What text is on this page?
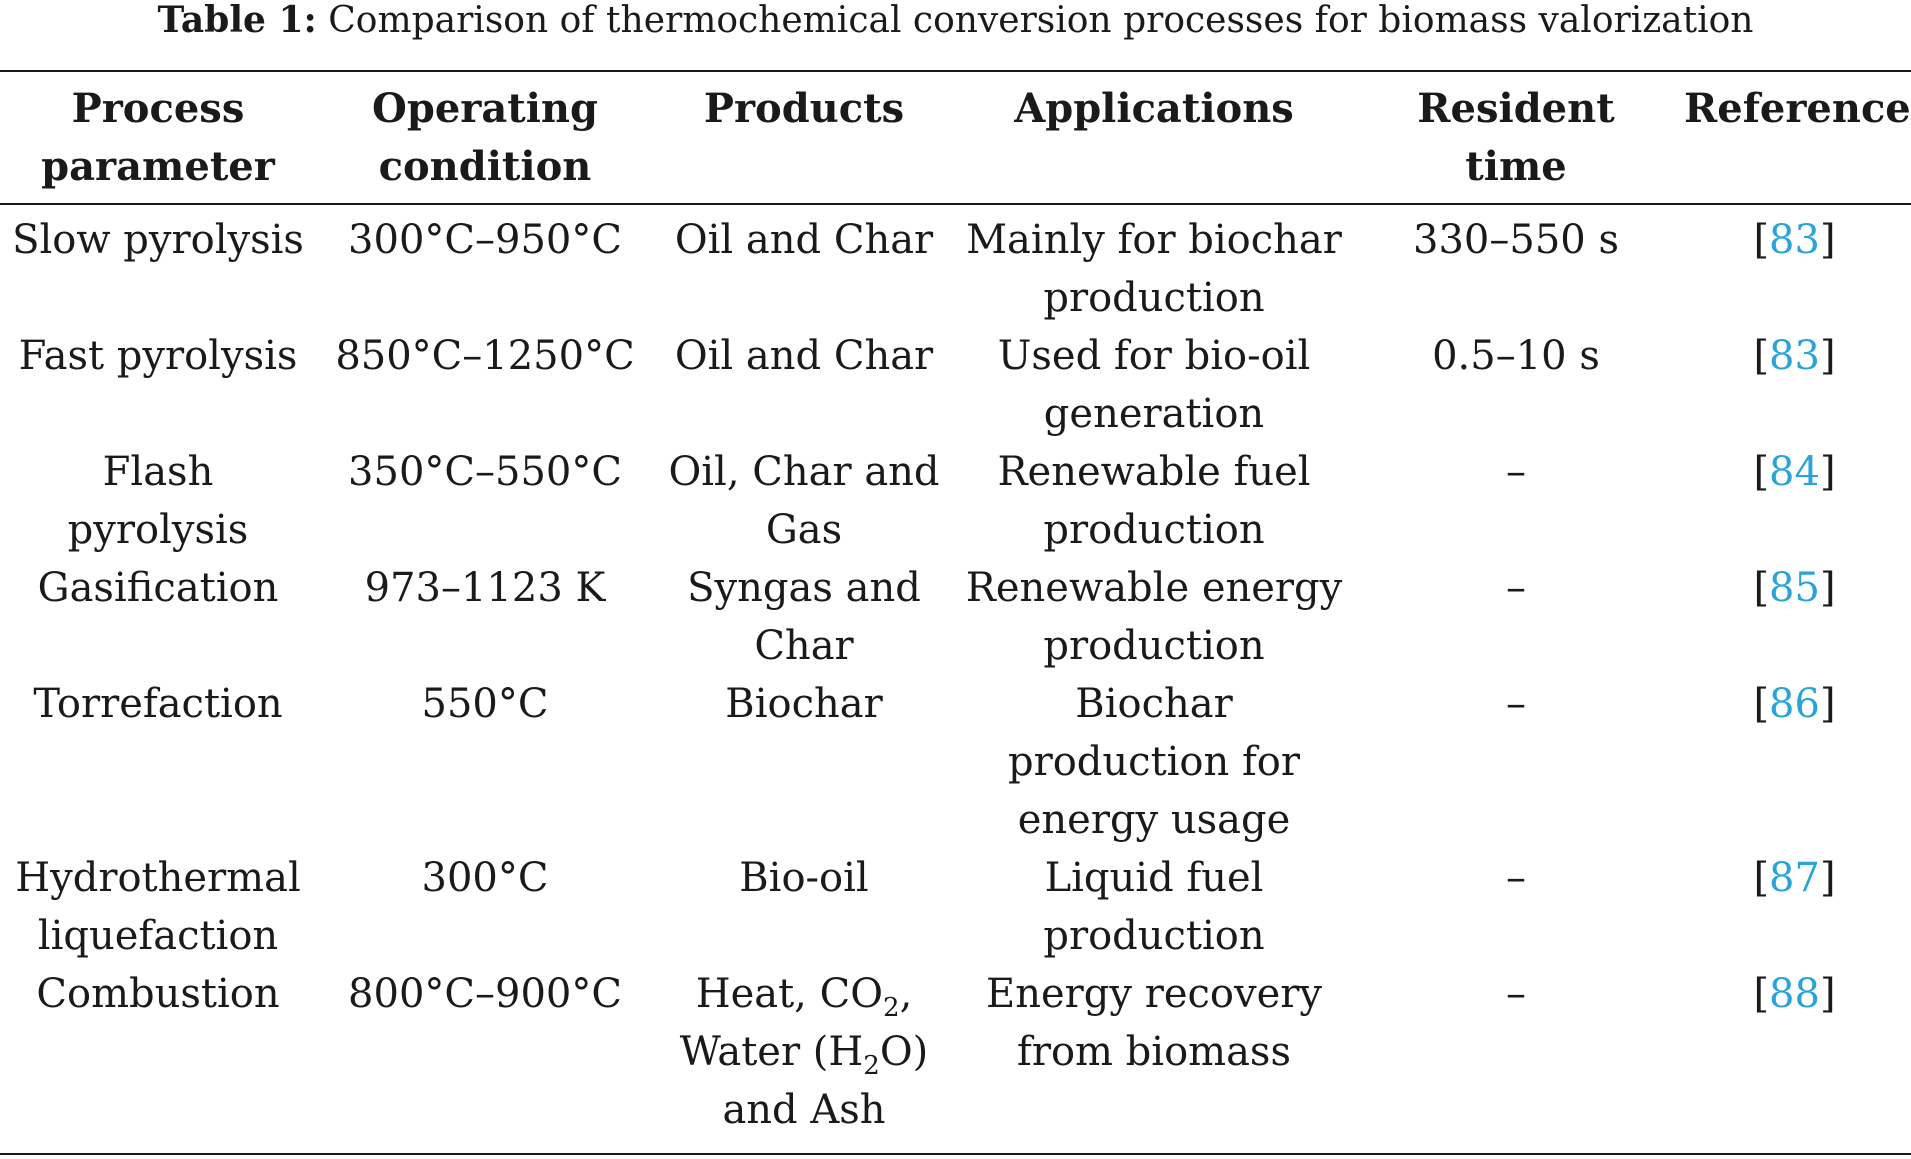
Table 1: Comparison of thermochemical conversion processes for biomass valorization
Process parameter	Operating condition	Products	Applications	Resident time	Reference
Slow pyrolysis	300°C–950°C	Oil and Char	Mainly for biochar production	330–550 s	[83]
Fast pyrolysis	850°C–1250°C	Oil and Char	Used for bio-oil generation	0.5–10 s	[83]
Flash pyrolysis	350°C–550°C	Oil, Char and Gas	Renewable fuel production	–	[84]
Gasification	973–1123 K	Syngas and Char	Renewable energy production	–	[85]
Torrefaction	550°C	Biochar	Biochar production for energy usage	–	[86]
Hydrothermal liquefaction	300°C	Bio-oil	Liquid fuel production	–	[87]
Combustion	800°C–900°C	Heat, $CO_2$, Water $(H_2O)$ and Ash	Energy recovery from biomass	–	[88]
